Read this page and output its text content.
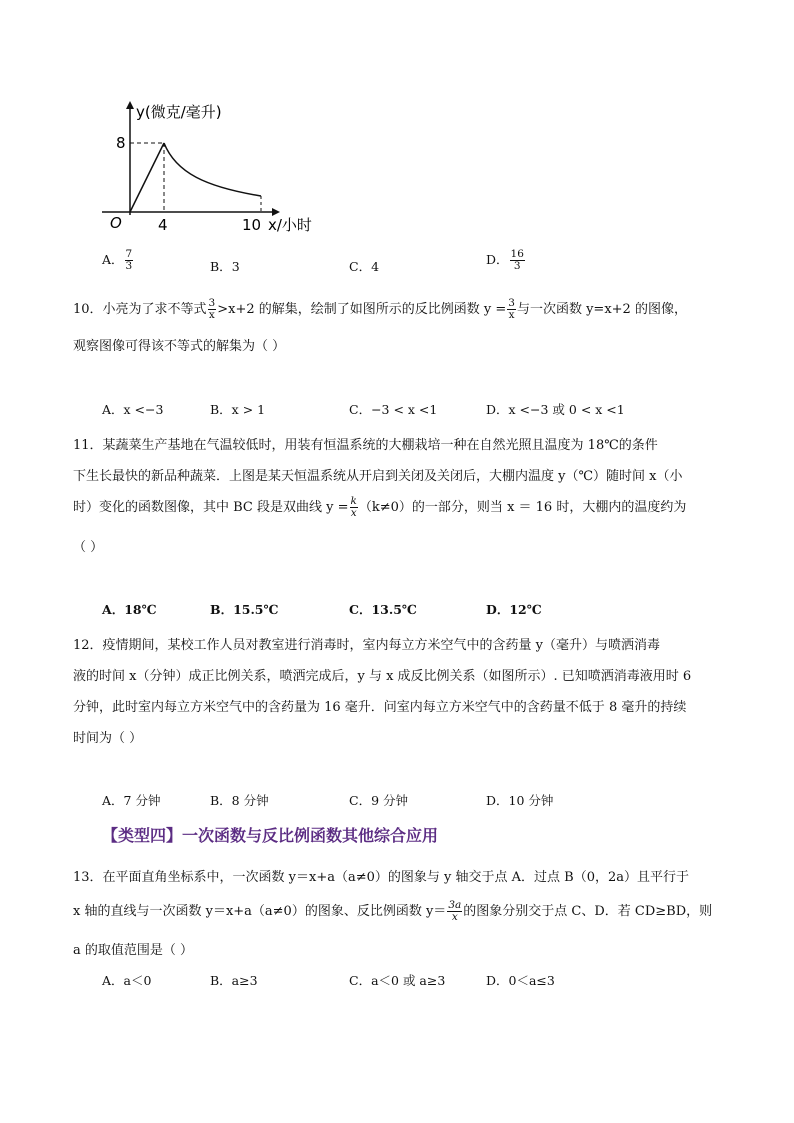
y(微克/毫升)
x/小时
O
8
4	10
A． $\frac{7}{3}$	B．3	C．4	D． $\frac{16}{3}$
10．小亮为了求不等式 $\frac{3}{x} >x+2$ 的解集，绘制了如图所示的反比例函数 $y = \frac{3}{x}$ 与一次函数 y=x+2 的图像，
观察图像可得该不等式的解集为（ ）
A．x <−3	B．x > 1	C．−3 < x <1	D．x <−3 或 0 < x <1
11．某蔬菜生产基地在气温较低时，用装有恒温系统的大棚栽培一种在自然光照且温度为 18℃的条件
下生长最快的新品种蔬菜．上图是某天恒温系统从开启到关闭及关闭后，大棚内温度 y（℃）随时间 x（小
时）变化的函数图像，其中 BC 段是双曲线 $y = \frac{k}{x} (k\ne 0)$的一部分，则当 x ＝ 16 时，大棚内的温度约为
（ ）
A．18℃	B．15.5℃	C．13.5℃	D．12℃
12．疫情期间，某校工作人员对教室进行消毒时，室内每立方米空气中的含药量 y（毫升）与喷洒消毒
液的时间 x（分钟）成正比例关系，喷洒完成后，y 与 x 成反比例关系（如图所示）. 已知喷洒消毒液用时 6
分钟，此时室内每立方米空气中的含药量为 16 毫升．问室内每立方米空气中的含药量不低于 8 毫升的持续
时间为（ ）
A．7 分钟	B．8 分钟	C．9 分钟	D．10 分钟
【类型四】一次函数与反比例函数其他综合应用
13．在平面直角坐标系中，一次函数 y＝x+a（a≠0）的图象与 y 轴交于点 A．过点 B（0，2a）且平行于
x 轴的直线与一次函数 y＝x+a（a≠0）的图象、反比例函数 $y= \frac{3a}{x}$ 的图象分别交于点 C、D．若 CD≥BD，则
a 的取值范围是（ ）
A．a＜0	B．a≥3	C．a＜0 或 a≥3	D．0＜a≤3
